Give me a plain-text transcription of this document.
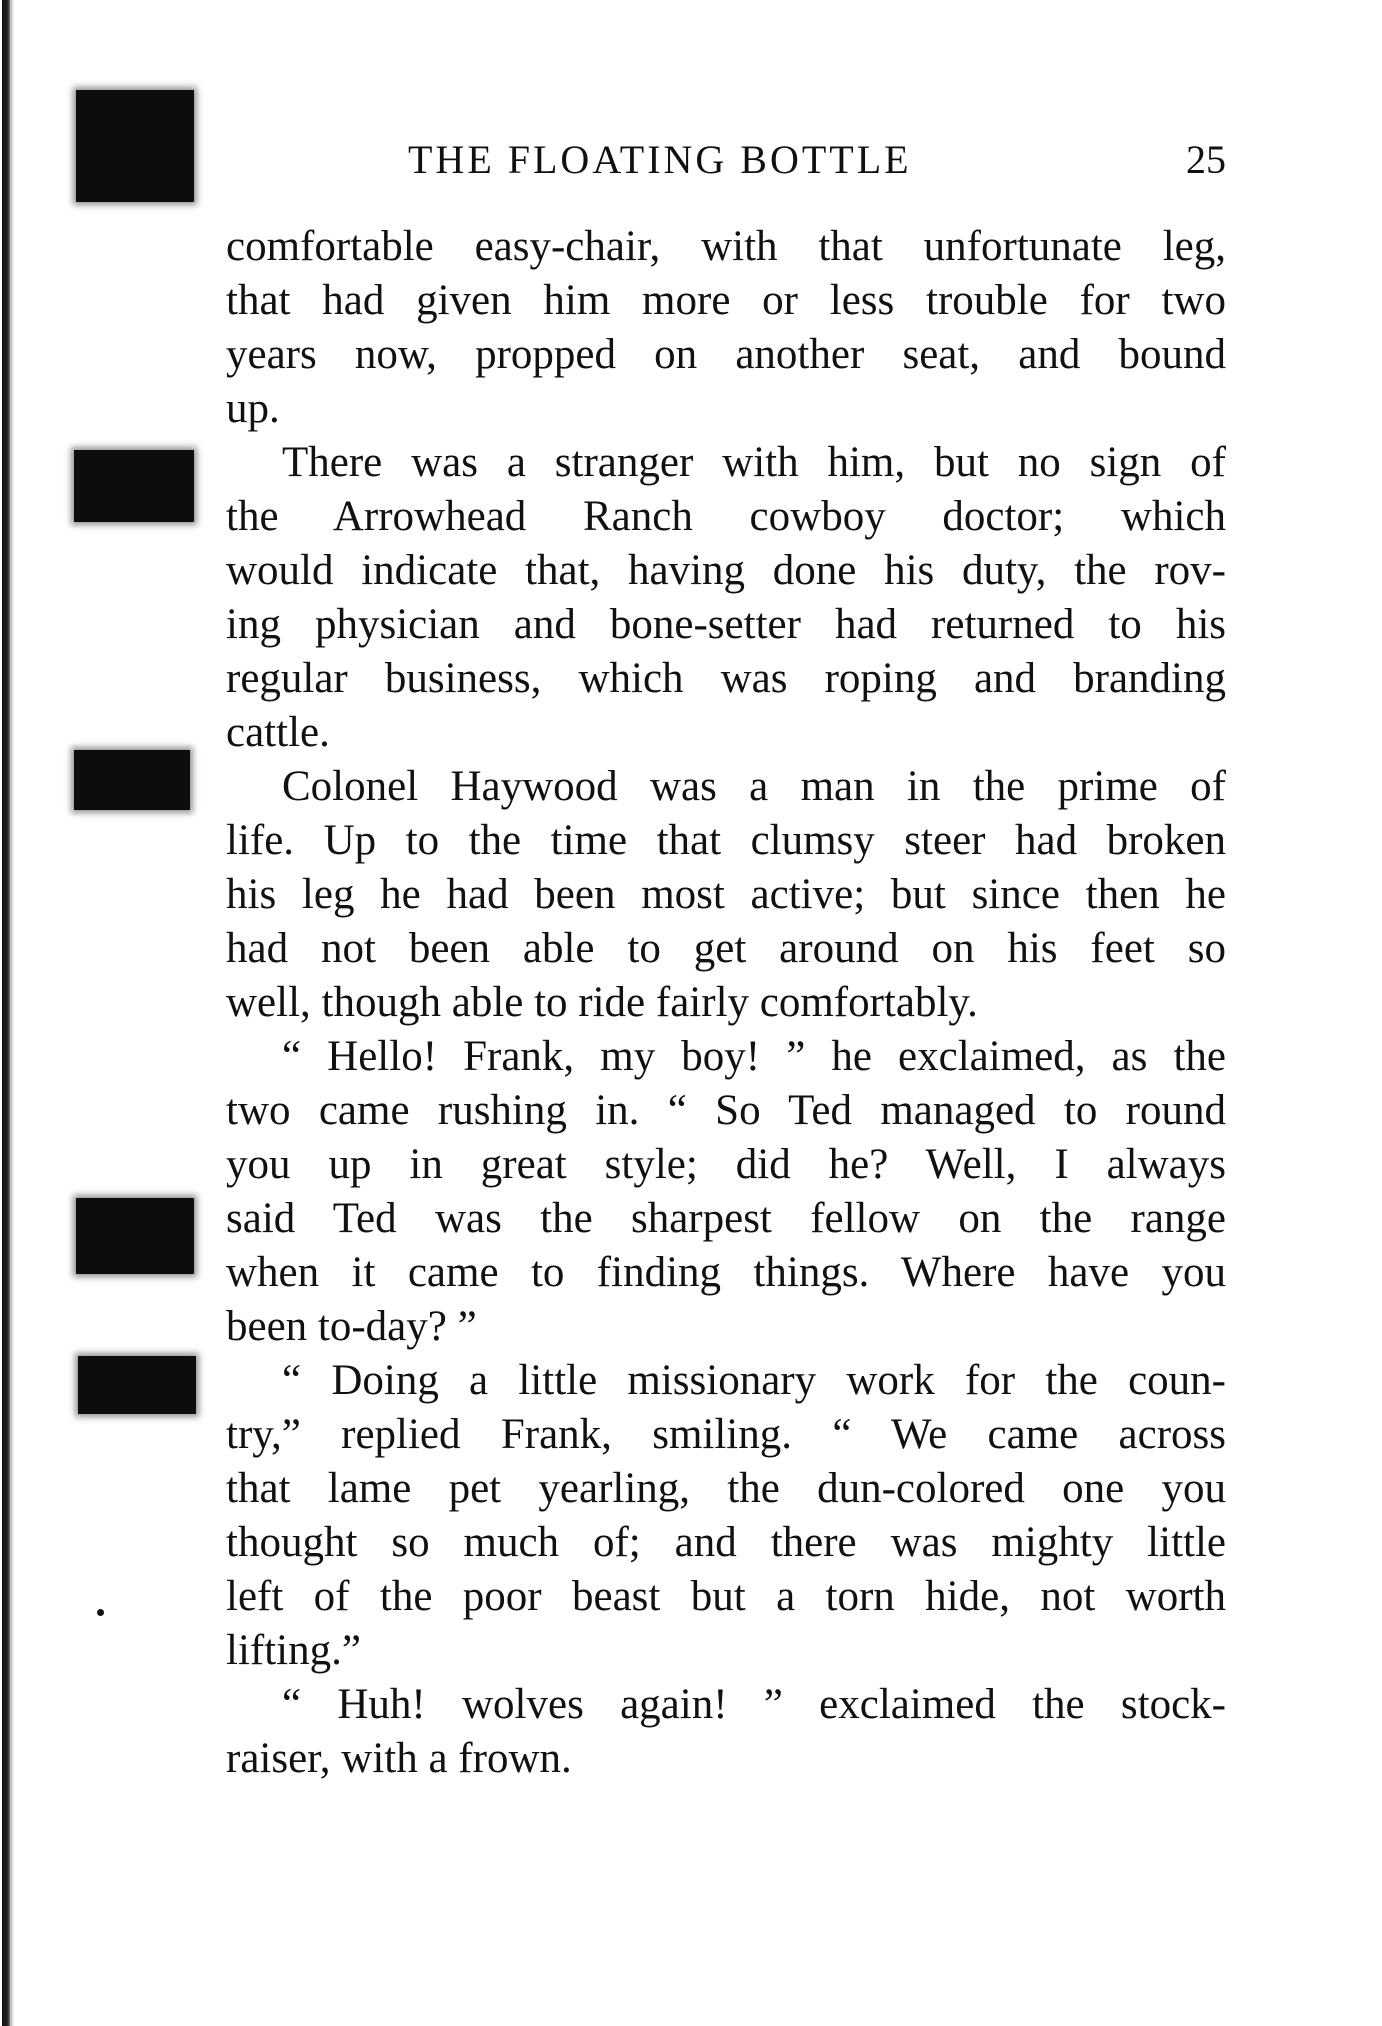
THE FLOATING BOTTLE	25
comfortable easy-chair, with that unfortunate leg,
that had given him more or less trouble for two
years now, propped on another seat, and bound
up.
There was a stranger with him, but no sign of
the Arrowhead Ranch cowboy doctor; which
would indicate that, having done his duty, the rov-
ing physician and bone-setter had returned to his
regular business, which was roping and branding
cattle.
Colonel Haywood was a man in the prime of
life. Up to the time that clumsy steer had broken
his leg he had been most active; but since then he
had not been able to get around on his feet so
well, though able to ride fairly comfortably.
“ Hello! Frank, my boy! ” he exclaimed, as the
two came rushing in. “ So Ted managed to round
you up in great style; did he? Well, I always
said Ted was the sharpest fellow on the range
when it came to finding things. Where have you
been to-day? ”
“ Doing a little missionary work for the coun-
try,” replied Frank, smiling. “ We came across
that lame pet yearling, the dun-colored one you
thought so much of; and there was mighty little
left of the poor beast but a torn hide, not worth
lifting.”
“ Huh! wolves again! ” exclaimed the stock-
raiser, with a frown.
